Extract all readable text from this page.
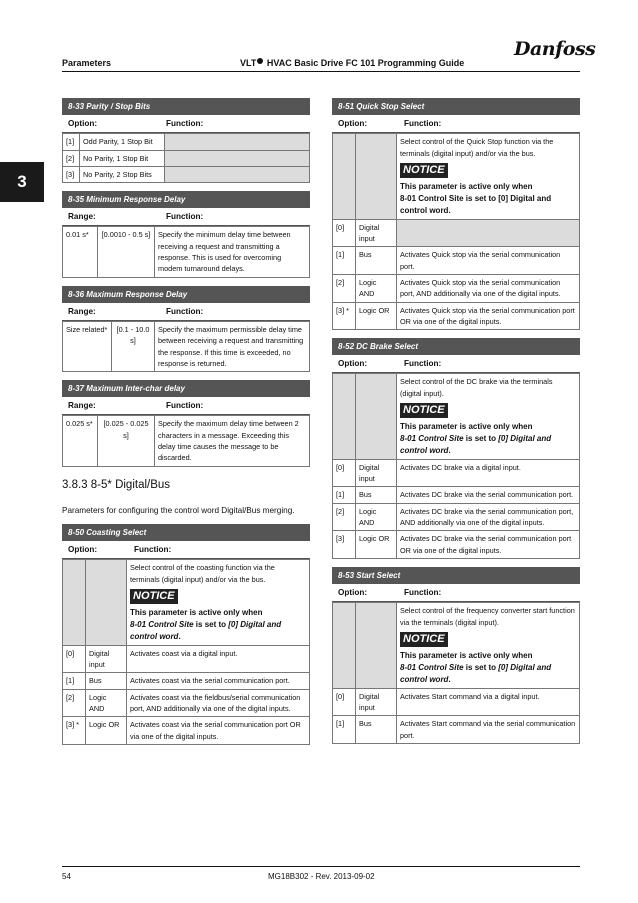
Parameters	VLT HVAC Basic Drive FC 101 Programming Guide
Danfoss
3
8-33 Parity / Stop Bits
Option:	Function:
[1]	Odd Parity, 1 Stop Bit	
[2]	No Parity, 1 Stop Bit	
[3]	No Parity, 2 Stop Bits	
8-35 Minimum Response Delay
Range:	Function:
0.01 s*	[0.0010 - 0.5 s]	Specify the minimum delay time between receiving a request and transmitting a response. This is used for overcoming modem turnaround delays.
8-36 Maximum Response Delay
Range:	Function:
Size related*	[0.1 - 10.0 s]	Specify the maximum permissible delay time between receiving a request and transmitting the response. If this time is exceeded, no response is returned.
8-37 Maximum Inter-char delay
Range:	Function:
0.025 s*	[0.025 - 0.025 s]	Specify the maximum delay time between 2 characters in a message. Exceeding this delay time causes the message to be discarded.
3.8.3 8-5* Digital/Bus
Parameters for configuring the control word Digital/Bus merging.
8-50 Coasting Select
Option:	Function:

		Select control of the coasting function via the terminals (digital input) and/or via the bus.
NOTICE
This parameter is active only when
8-01 Control Site is set to [0] Digital and control word.

[0]	Digital input	Activates coast via a digital input.
[1]	Bus	Activates coast via the serial communication port.
[2]	Logic AND	Activates coast via the fieldbus/serial communication port, AND additionally via one of the digital inputs.
[3] *	Logic OR	Activates coast via the serial communication port OR via one of the digital inputs.
8-51 Quick Stop Select
Option:	Function:

		Select control of the Quick Stop function via the terminals (digital input) and/or via the bus.
NOTICE
This parameter is active only when
8-01 Control Site is set to [0] Digital and control word.

[0]	Digital input	
[1]	Bus	Activates Quick stop via the serial communication port.
[2]	Logic AND	Activates Quick stop via the serial communication port, AND additionally via one of the digital inputs.
[3] *	Logic OR	Activates Quick stop via the serial communication port OR via one of the digital inputs.
8-52 DC Brake Select
Option:	Function:

		Select control of the DC brake via the terminals (digital input).
NOTICE
This parameter is active only when
8-01 Control Site is set to [0] Digital and control word.

[0]	Digital input	Activates DC brake via a digital input.
[1]	Bus	Activates DC brake via the serial communication port.
[2]	Logic AND	Activates DC brake via the serial communication port, AND additionally via one of the digital inputs.
[3]	Logic OR	Activates DC brake via the serial communication port OR via one of the digital inputs.
8-53 Start Select
Option:	Function:

		Select control of the frequency converter start function via the terminals (digital input).
NOTICE
This parameter is active only when
8-01 Control Site is set to [0] Digital and control word.

[0]	Digital input	Activates Start command via a digital input.
[1]	Bus	Activates Start command via the serial communication port.
54	MG18B302 - Rev. 2013-09-02
